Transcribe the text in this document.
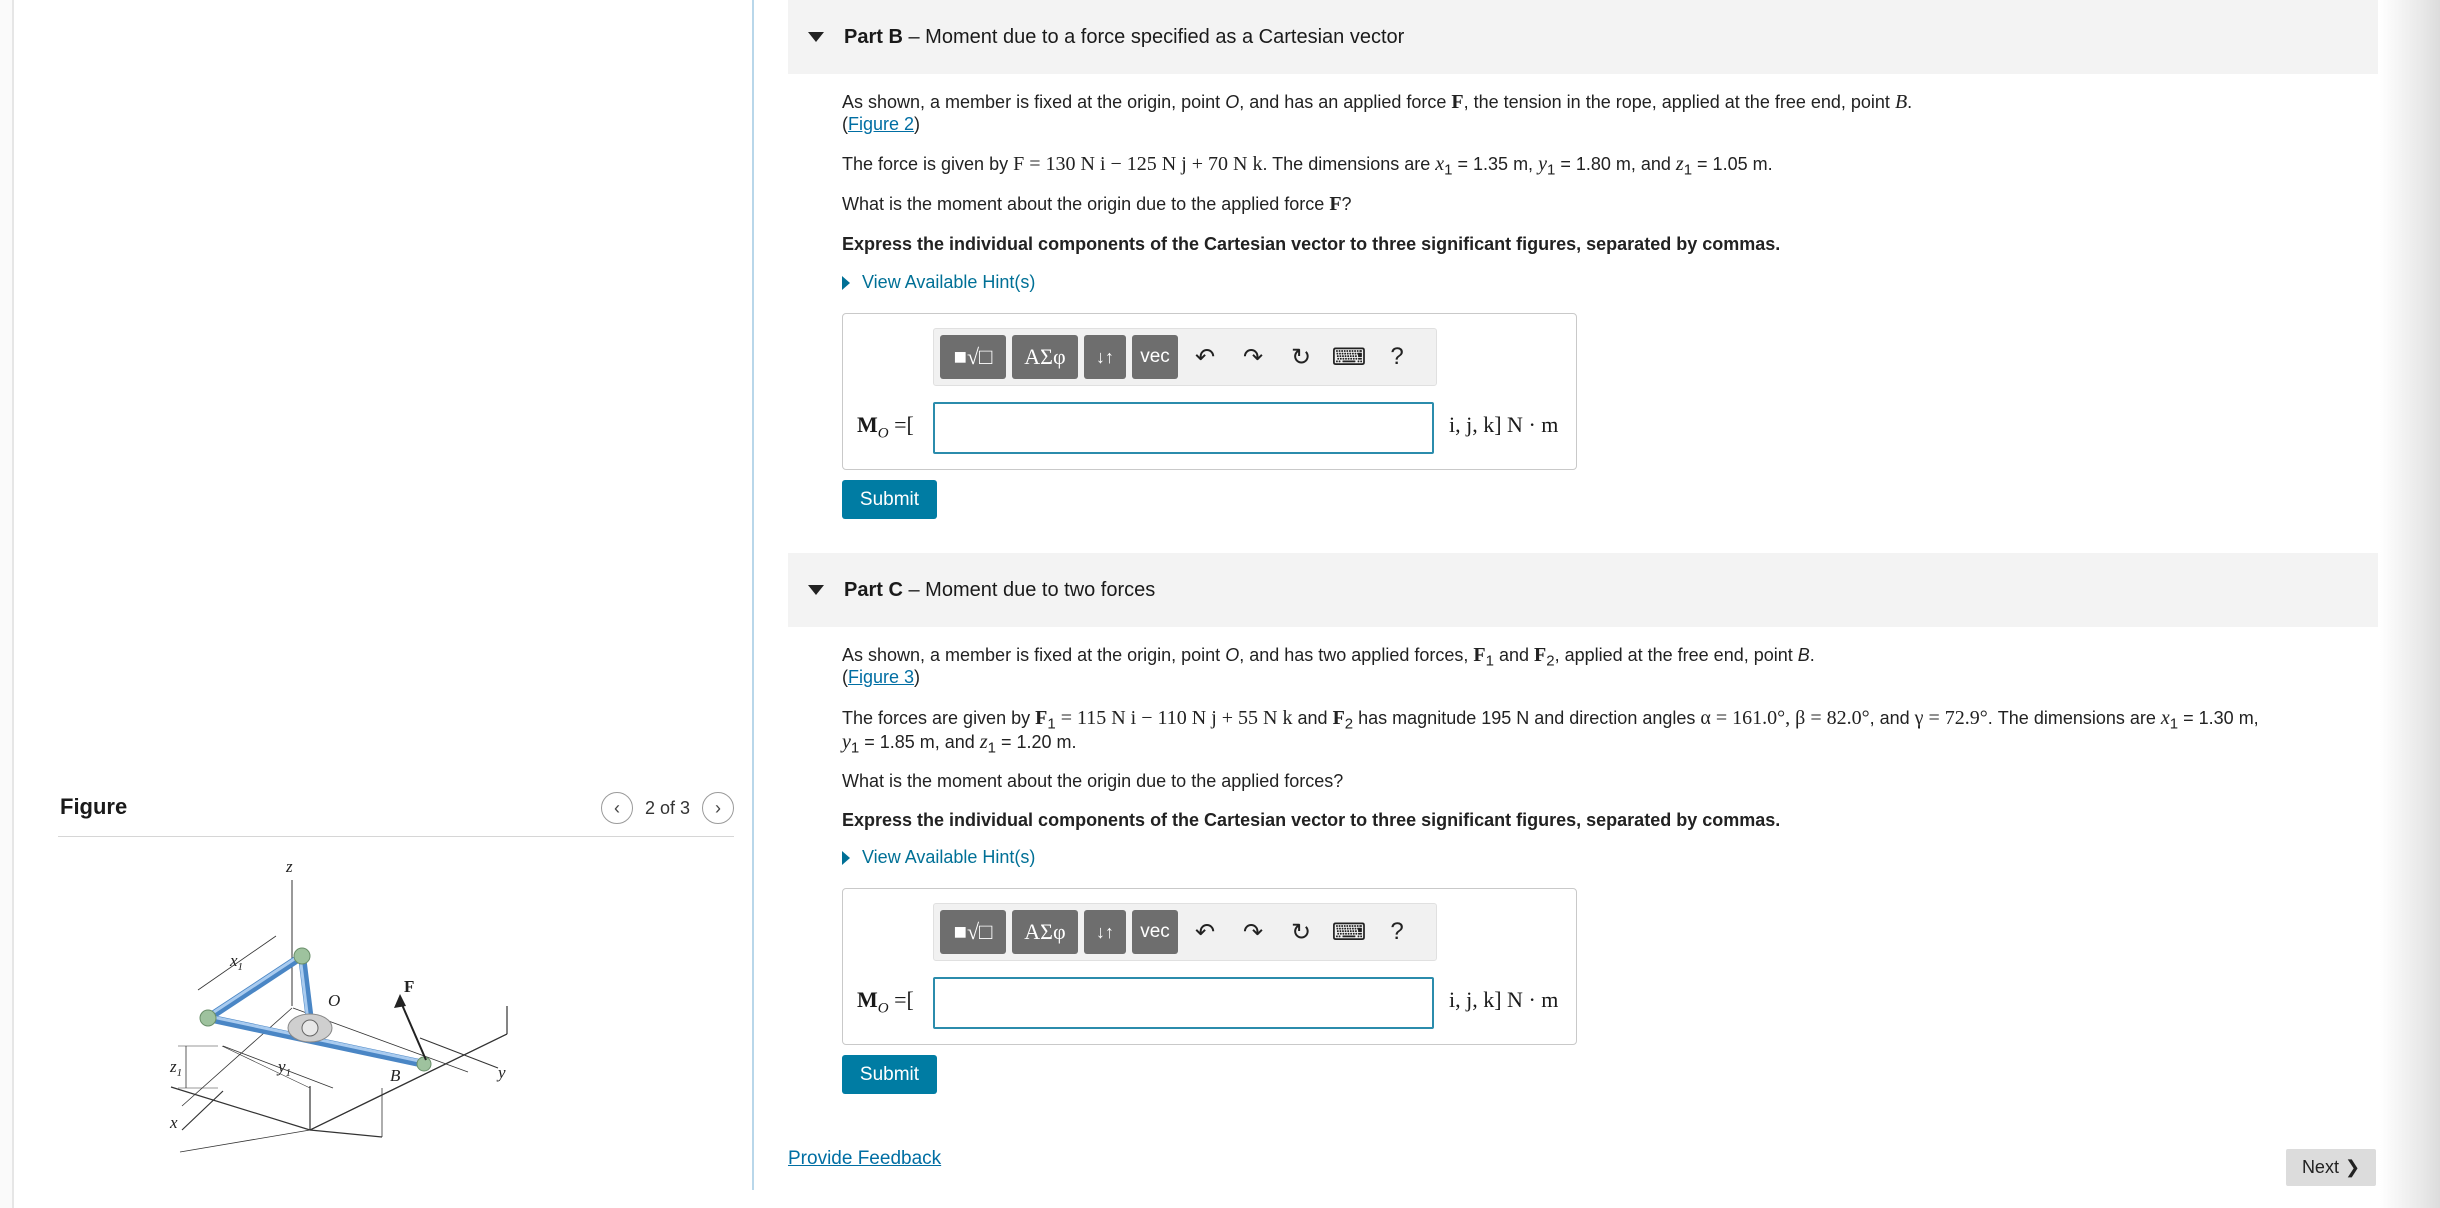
Figure	‹ 2 of 3 ›
z
$x_1$
O
y
x
B
$y_1$
$z_1$
F
Part B – Moment due to a force specified as a Cartesian vector
As shown, a member is fixed at the origin, point O, and has an applied force F, the tension in the rope, applied at the free end, point B.
(Figure 2)
The force is given by F = 130 N i − 125 N j + 70 N k. The dimensions are $x_1 = 1.35$ m, $y_1 = 1.80$ m, and $z_1 = 1.05$ m.
What is the moment about the origin due to the applied force F?
Express the individual components of the Cartesian vector to three significant figures, separated by commas.
View Available Hint(s)
■√□	ΑΣφ	↓↑	vec	↶	↷	↻ ⌨	?
$M_O$ =[	i, j, k] N · m
Submit
Part C – Moment due to two forces
As shown, a member is fixed at the origin, point O, and has two applied forces, $F_1$ and $F_2$, applied at the free end, point B.
(Figure 3)
The forces are given by $F_1 = 115$ N i − 110 N j + 55 N k and $F_2$ has magnitude 195 N and direction angles α = 161.0°, β = 82.0°, and γ = 72.9°. The dimensions are $x_1 = 1.30$ m,
$y_1 = 1.85$ m, and $z_1 = 1.20$ m.
What is the moment about the origin due to the applied forces?
Express the individual components of the Cartesian vector to three significant figures, separated by commas.
View Available Hint(s)
■√□	ΑΣφ	↓↑	vec	↶	↷	↻ ⌨	?
$M_O$ =[	i, j, k] N · m
Submit
Provide Feedback	Next ❯
